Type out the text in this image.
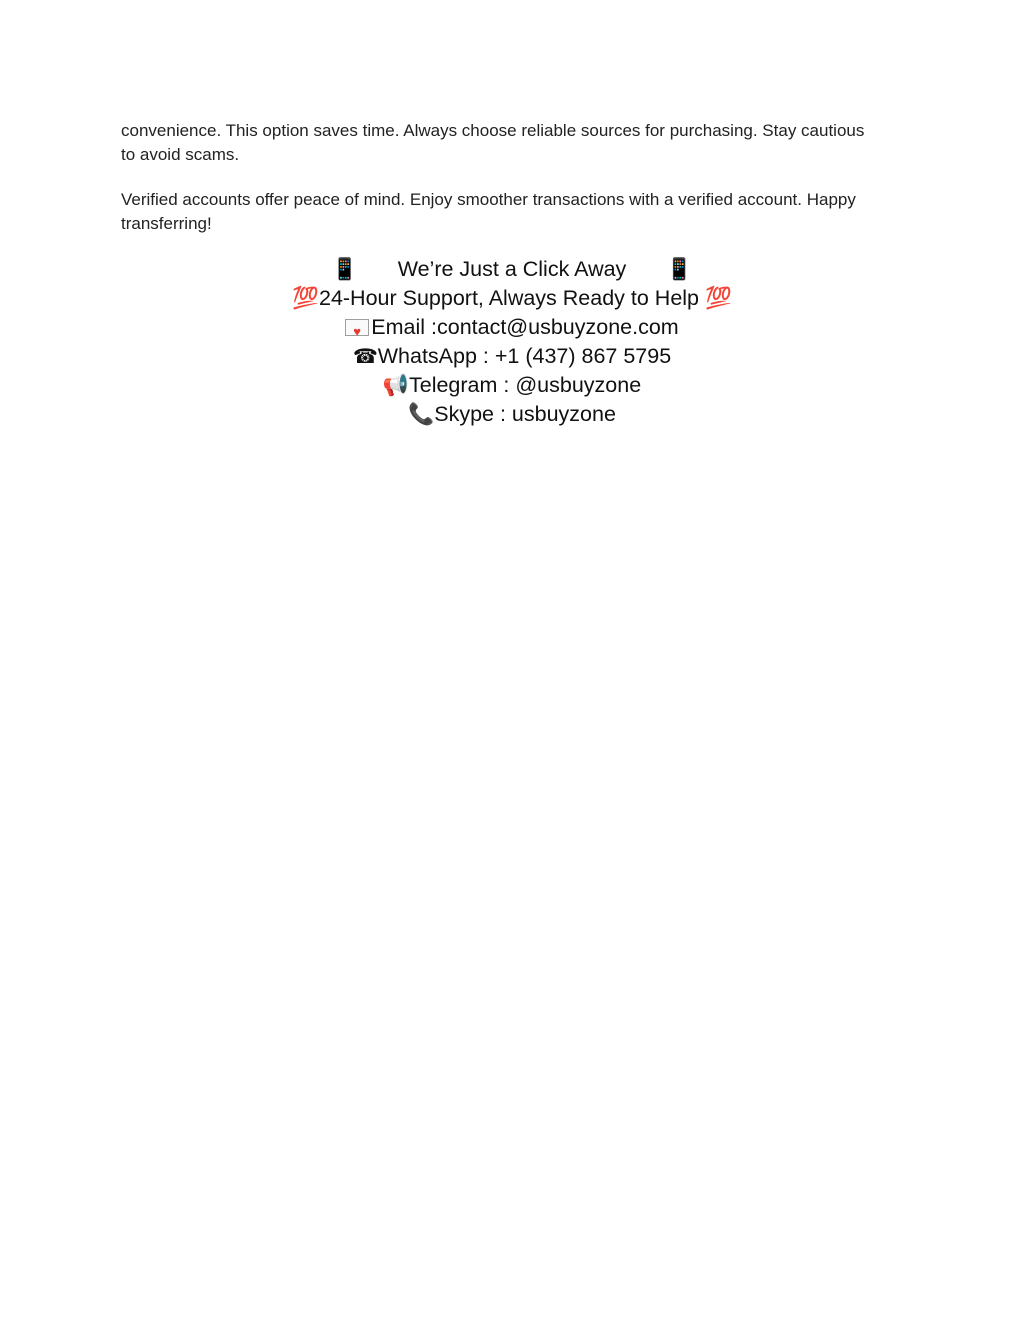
convenience. This option saves time. Always choose reliable sources for purchasing. Stay cautious to avoid scams.

Verified accounts offer peace of mind. Enjoy smoother transactions with a verified account. Happy transferring!

📱 We’re Just a Click Away 📱
💯24-Hour Support, Always Ready to Help 💯
♥Email :contact@usbuyzone.com
☎WhatsApp : +1 (437) 867 5795
📢Telegram : @usbuyzone
📞Skype : usbuyzone
